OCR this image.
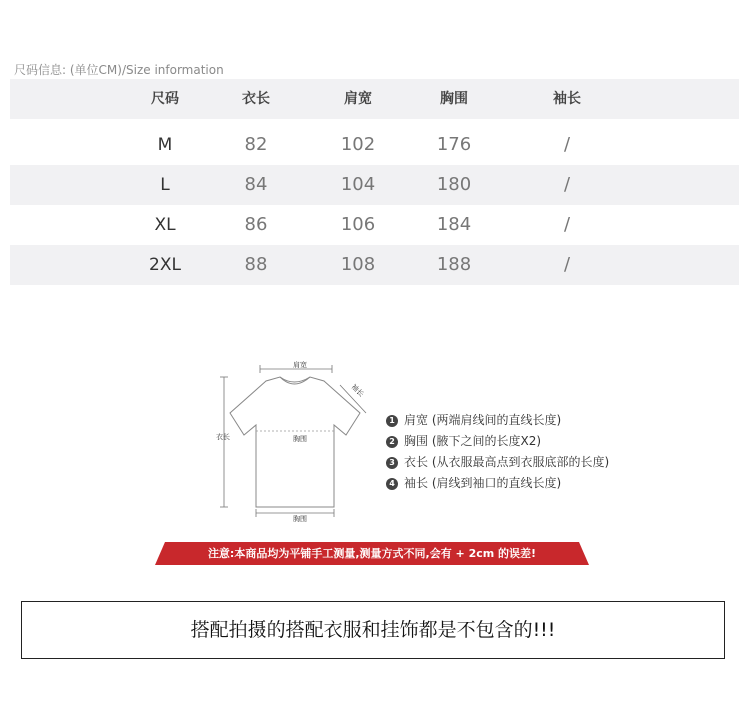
尺码信息: (单位CM)/Size information
尺码	衣长	肩宽	胸围	袖长
M	82	102	176	/
L	84	104	180	/
XL	86	106	184	/
2XL	88	108	188	/
肩宽
袖长
衣长	胸围
胸围
1 肩宽 (两端肩线间的直线长度)
2 胸围 (腋下之间的长度X2)
3 衣长 (从衣服最高点到衣服底部的长度)
4 袖长 (肩线到袖口的直线长度)
注意:本商品均为平铺手工测量,测量方式不同,会有 + 2cm 的误差!
搭配拍摄的搭配衣服和挂饰都是不包含的!!!
